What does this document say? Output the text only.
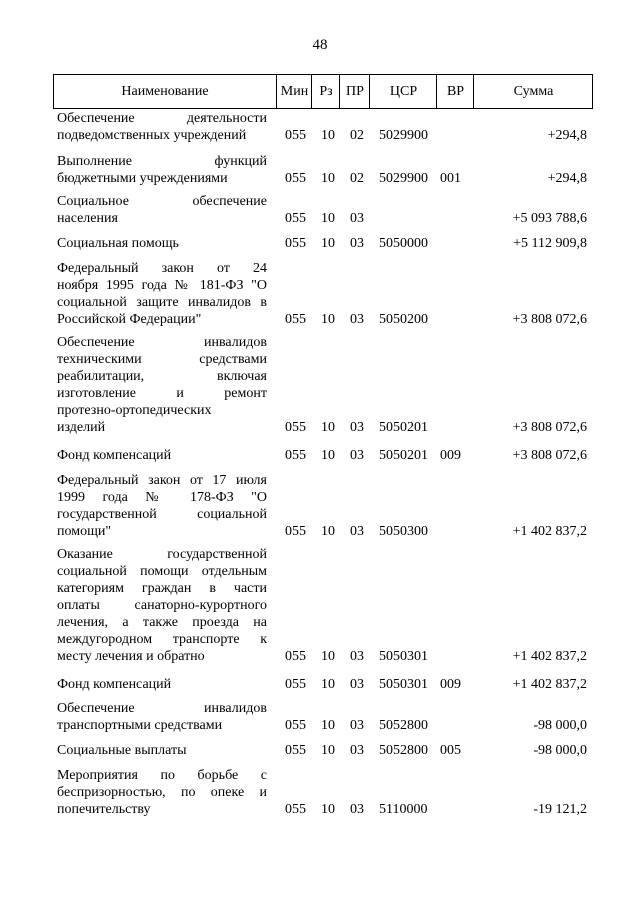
48
Наименование	Мин Рз ПР	ЦСР	ВР	Сумма
Обеспечение деятельности
подведомственных учреждений	055 10 02 5029900	+294,8
Выполнение функций
бюджетными учреждениями	055 10 02 5029900 001	+294,8
Социальное обеспечение
населения	055 10 03	+5 093 788,6
Социальная помощь	055 10 03 5050000	+5 112 909,8
Федеральный закон от 24
ноября 1995 года № 181-ФЗ "О
социальной защите инвалидов в
Российской Федерации"	055 10 03 5050200	+3 808 072,6
Обеспечение инвалидов
техническими средствами
реабилитации, включая
изготовление и ремонт
протезно-ортопедических
изделий	055 10 03 5050201	+3 808 072,6
Фонд компенсаций	055 10 03 5050201 009	+3 808 072,6
Федеральный закон от 17 июля
1999 года № 178-ФЗ "О
государственной социальной
помощи"	055 10 03 5050300	+1 402 837,2
Оказание государственной
социальной помощи отдельным
категориям граждан в части
оплаты санаторно-курортного
лечения, а также проезда на
междугородном транспорте к
месту лечения и обратно	055 10 03 5050301	+1 402 837,2
Фонд компенсаций	055 10 03 5050301 009	+1 402 837,2
Обеспечение инвалидов
транспортными средствами	055 10 03 5052800	-98 000,0
Социальные выплаты	055 10 03 5052800 005	-98 000,0
Мероприятия по борьбе с
беспризорностью, по опеке и
попечительству	055 10 03 5110000	-19 121,2
